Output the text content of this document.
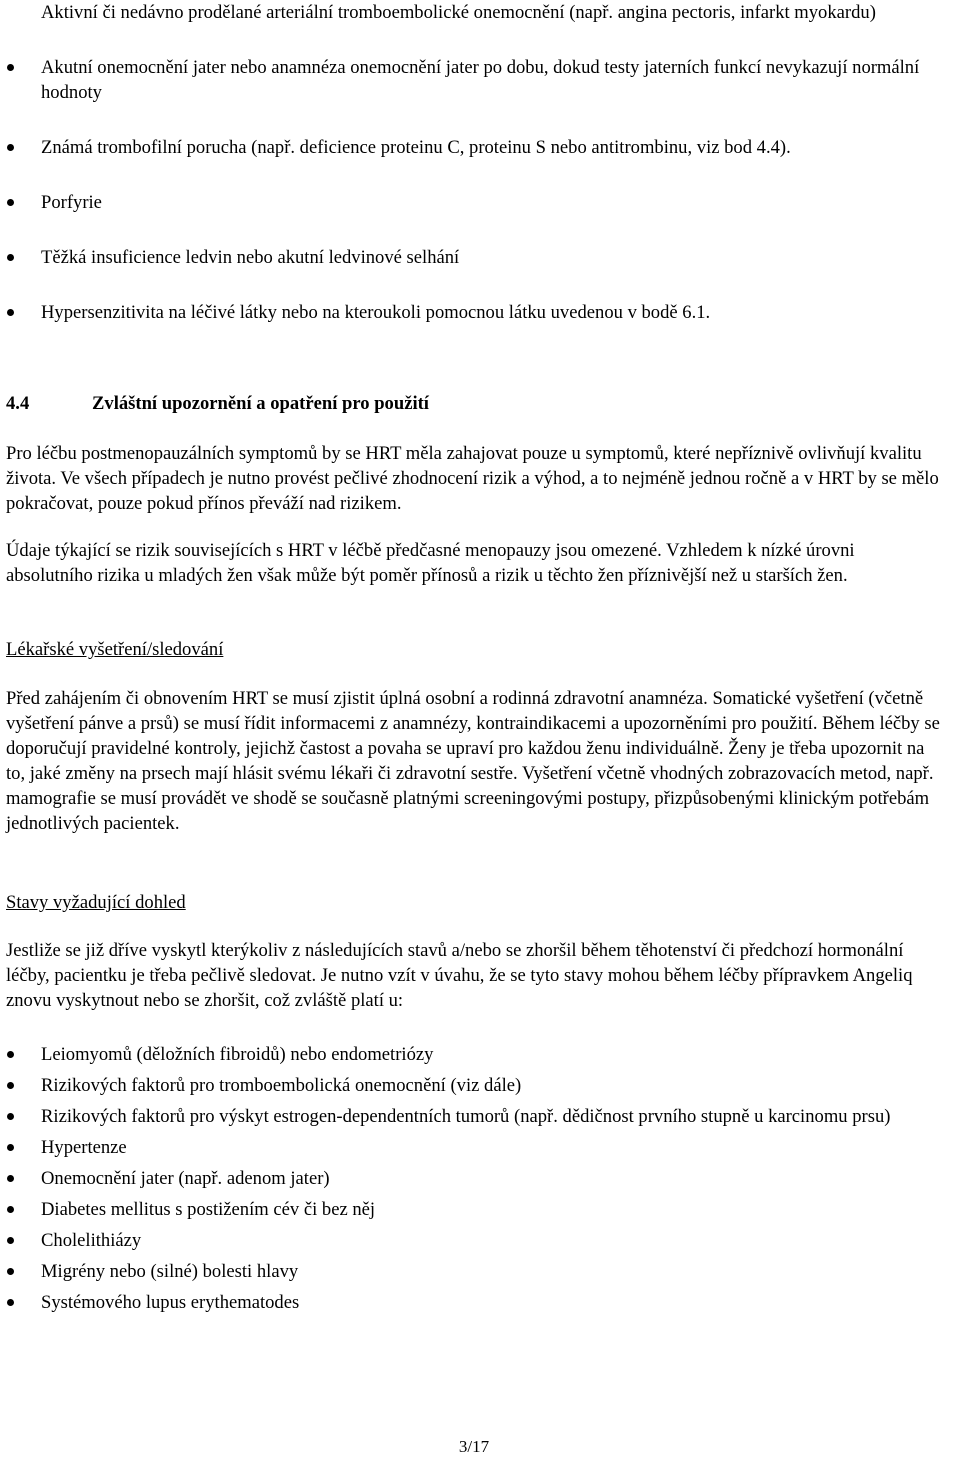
Aktivní či nedávno prodělané arteriální tromboembolické onemocnění (např. angina pectoris, infarkt myokardu)
Akutní onemocnění jater nebo anamnéza onemocnění jater po dobu, dokud testy jaterních funkcí nevykazují normální hodnoty
Známá trombofilní porucha (např. deficience proteinu C, proteinu S nebo antitrombinu, viz bod 4.4).
Porfyrie
Těžká insuficience ledvin nebo akutní ledvinové selhání
Hypersenzitivita na léčivé látky nebo na kteroukoli pomocnou látku uvedenou v bodě 6.1.
4.4	Zvláštní upozornění a opatření pro použití

Pro léčbu postmenopauzálních symptomů by se HRT měla zahajovat pouze u symptomů, které nepříznivě ovlivňují kvalitu života. Ve všech případech je nutno provést pečlivé zhodnocení rizik a výhod, a to nejméně jednou ročně a v HRT by se mělo pokračovat, pouze pokud přínos převáží nad rizikem.

Údaje týkající se rizik souvisejících s HRT v léčbě předčasné menopauzy jsou omezené. Vzhledem k nízké úrovni absolutního rizika u mladých žen však může být poměr přínosů a rizik u těchto žen příznivější než u starších žen.

Lékařské vyšetření/sledování

Před zahájením či obnovením HRT se musí zjistit úplná osobní a rodinná zdravotní anamnéza. Somatické vyšetření (včetně vyšetření pánve a prsů) se musí řídit informacemi z anamnézy, kontraindikacemi a upozorněními pro použití. Během léčby se doporučují pravidelné kontroly, jejichž častost a povaha se upraví pro každou ženu individuálně. Ženy je třeba upozornit na to, jaké změny na prsech mají hlásit svému lékaři či zdravotní sestře. Vyšetření včetně vhodných zobrazovacích metod, např. mamografie se musí provádět ve shodě se současně platnými screeningovými postupy, přizpůsobenými klinickým potřebám jednotlivých pacientek.

Stavy vyžadující dohled

Jestliže se již dříve vyskytl kterýkoliv z následujících stavů a/nebo se zhoršil během těhotenství či předchozí hormonální léčby, pacientku je třeba pečlivě sledovat. Je nutno vzít v úvahu, že se tyto stavy mohou během léčby přípravkem Angeliq znovu vyskytnout nebo se zhoršit, což zvláště platí u:

Leiomyomů (děložních fibroidů) nebo endometriózy
Rizikových faktorů pro tromboembolická onemocnění (viz dále)
Rizikových faktorů pro výskyt estrogen-dependentních tumorů (např. dědičnost prvního stupně u karcinomu prsu)
Hypertenze
Onemocnění jater (např. adenom jater)
Diabetes mellitus s postižením cév či bez něj
Cholelithiázy
Migrény nebo (silné) bolesti hlavy
Systémového lupus erythematodes
3/17
